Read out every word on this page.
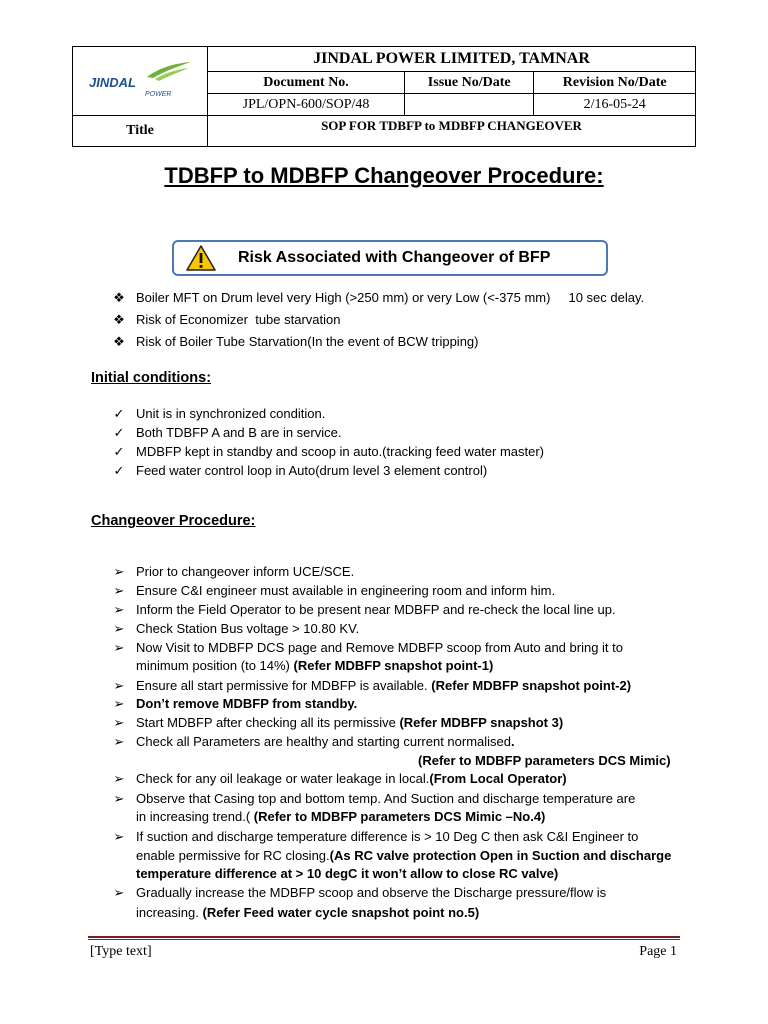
JINDAL
POWER	JINDAL POWER LIMITED, TAMNAR		
	Document No.	Issue No/Date	Revision No/Date
	JPL/OPN-600/SOP/48		2/16-05-24
Title	SOP FOR TDBFP to MDBFP CHANGEOVER		
TDBFP to MDBFP Changeover Procedure:
Risk Associated with Changeover of BFP
❖ Boiler MFT on Drum level very High (>250 mm) or very Low (<-375 mm)     10 sec delay.
❖ Risk of Economizer  tube starvation
❖ Risk of Boiler Tube Starvation(In the event of BCW tripping)
Initial conditions:
✓ Unit is in synchronized condition.
✓ Both TDBFP A and B are in service.
✓ MDBFP kept in standby and scoop in auto.(tracking feed water master)
✓ Feed water control loop in Auto(drum level 3 element control)
Changeover Procedure:
➢ Prior to changeover inform UCE/SCE.
➢ Ensure C&I engineer must available in engineering room and inform him.
➢ Inform the Field Operator to be present near MDBFP and re-check the local line up.
➢ Check Station Bus voltage > 10.80 KV.
➢ Now Visit to MDBFP DCS page and Remove MDBFP scoop from Auto and bring it to
minimum position (to 14%) (Refer MDBFP snapshot point-1)
➢ Ensure all start permissive for MDBFP is available. (Refer MDBFP snapshot point-2)
➢ Don’t remove MDBFP from standby.
➢ Start MDBFP after checking all its permissive (Refer MDBFP snapshot 3)
➢ Check all Parameters are healthy and starting current normalised.
(Refer to MDBFP parameters DCS Mimic)
➢ Check for any oil leakage or water leakage in local.(From Local Operator)
➢ Observe that Casing top and bottom temp. And Suction and discharge temperature are
in increasing trend.( (Refer to MDBFP parameters DCS Mimic –No.4)
➢ If suction and discharge temperature difference is > 10 Deg C then ask C&I Engineer to
enable permissive for RC closing.(As RC valve protection Open in Suction and discharge
temperature difference at > 10 degC it won’t allow to close RC valve)
➢ Gradually increase the MDBFP scoop and observe the Discharge pressure/flow is
increasing. (Refer Feed water cycle snapshot point no.5)
[Type text]	Page 1
